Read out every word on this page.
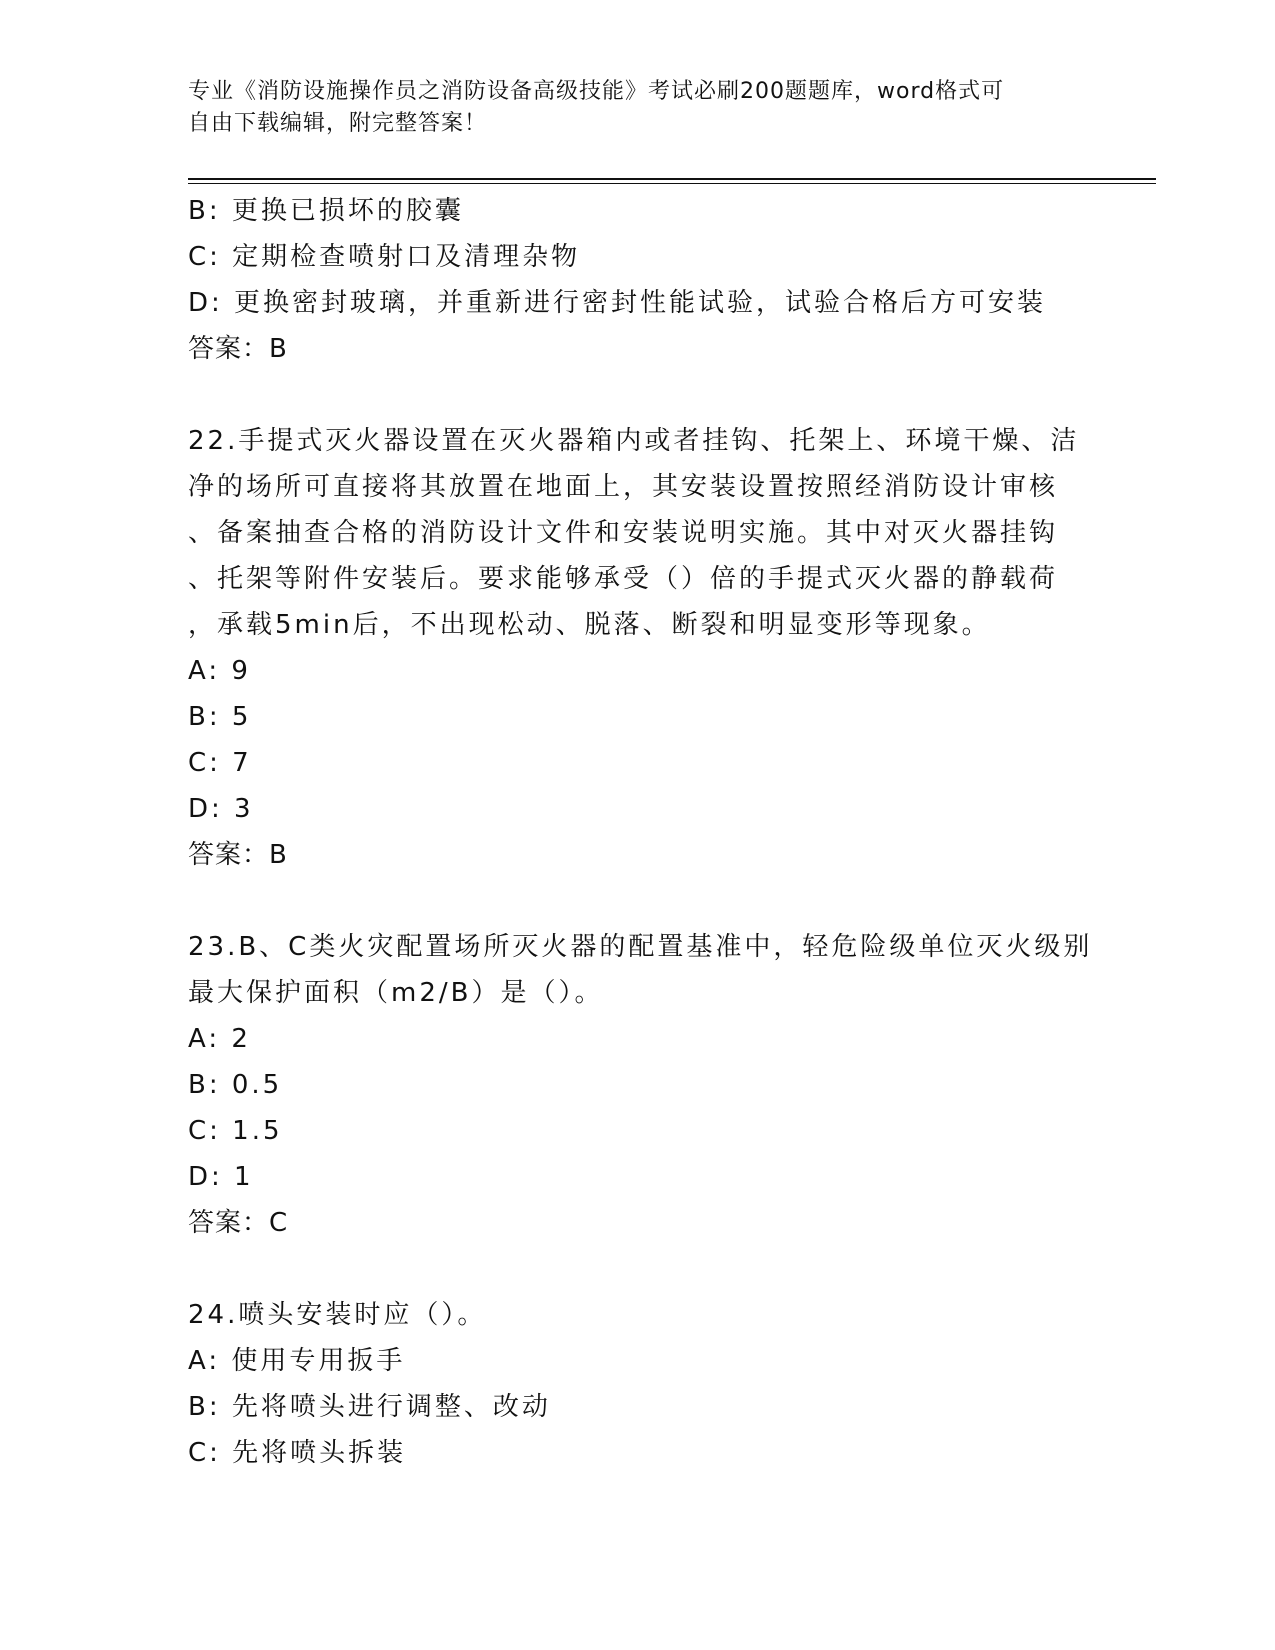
专业《消防设施操作员之消防设备高级技能》考试必刷200题题库，word格式可
自由下载编辑，附完整答案！
B: 更换已损坏的胶囊
C: 定期检查喷射口及清理杂物
D: 更换密封玻璃，并重新进行密封性能试验，试验合格后方可安装
答案：B
22.手提式灭火器设置在灭火器箱内或者挂钩、托架上、环境干燥、洁
净的场所可直接将其放置在地面上，其安装设置按照经消防设计审核
、备案抽查合格的消防设计文件和安装说明实施。其中对灭火器挂钩
、托架等附件安装后。要求能够承受（）倍的手提式灭火器的静载荷
，承载5min后，不出现松动、脱落、断裂和明显变形等现象。
A: 9
B: 5
C: 7
D: 3
答案：B
23.B、C类火灾配置场所灭火器的配置基准中，轻危险级单位灭火级别
最大保护面积（m2/B）是（）。
A: 2
B: 0.5
C: 1.5
D: 1
答案：C
24.喷头安装时应（）。
A: 使用专用扳手
B: 先将喷头进行调整、改动
C: 先将喷头拆装
